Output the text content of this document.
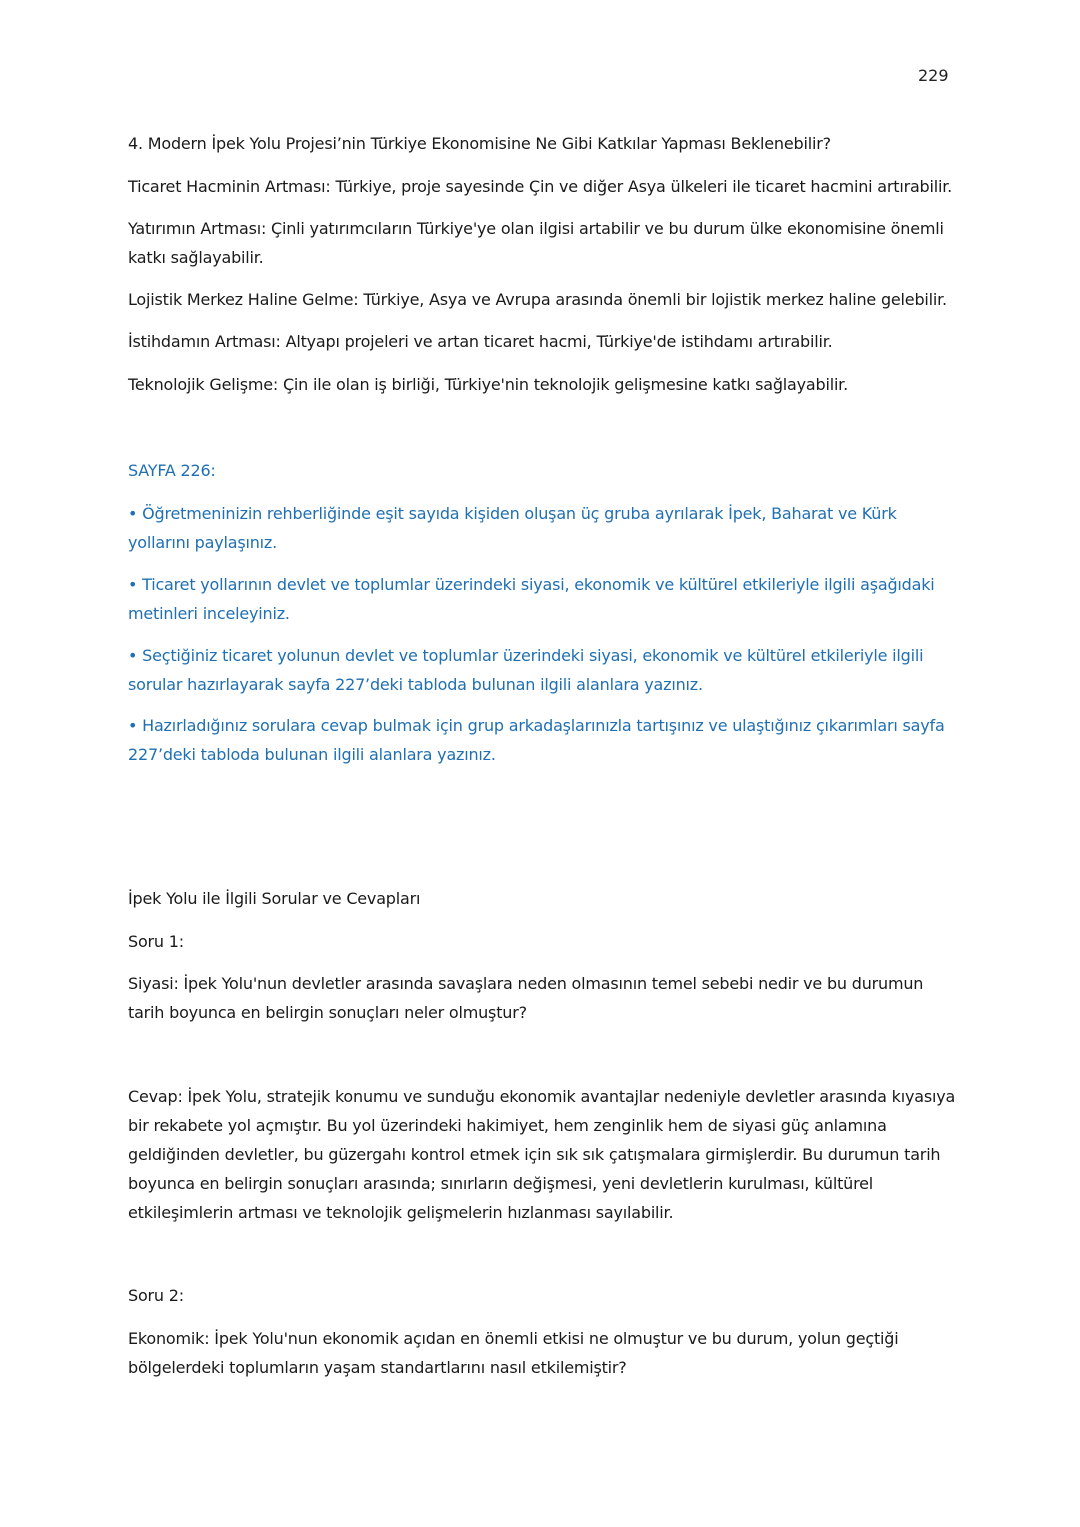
229

4. Modern İpek Yolu Projesi’nin Türkiye Ekonomisine Ne Gibi Katkılar Yapması Beklenebilir?

Ticaret Hacminin Artması: Türkiye, proje sayesinde Çin ve diğer Asya ülkeleri ile ticaret hacmini artırabilir.

Yatırımın Artması: Çinli yatırımcıların Türkiye'ye olan ilgisi artabilir ve bu durum ülke ekonomisine önemli katkı sağlayabilir.

Lojistik Merkez Haline Gelme: Türkiye, Asya ve Avrupa arasında önemli bir lojistik merkez haline gelebilir.

İstihdamın Artması: Altyapı projeleri ve artan ticaret hacmi, Türkiye'de istihdamı artırabilir.

Teknolojik Gelişme: Çin ile olan iş birliği, Türkiye'nin teknolojik gelişmesine katkı sağlayabilir.

SAYFA 226:

• Öğretmeninizin rehberliğinde eşit sayıda kişiden oluşan üç gruba ayrılarak İpek, Baharat ve Kürk yollarını paylaşınız.

• Ticaret yollarının devlet ve toplumlar üzerindeki siyasi, ekonomik ve kültürel etkileriyle ilgili aşağıdaki metinleri inceleyiniz.

• Seçtiğiniz ticaret yolunun devlet ve toplumlar üzerindeki siyasi, ekonomik ve kültürel etkileriyle ilgili sorular hazırlayarak sayfa 227’deki tabloda bulunan ilgili alanlara yazınız.

• Hazırladığınız sorulara cevap bulmak için grup arkadaşlarınızla tartışınız ve ulaştığınız çıkarımları sayfa 227’deki tabloda bulunan ilgili alanlara yazınız.

İpek Yolu ile İlgili Sorular ve Cevapları

Soru 1:

Siyasi: İpek Yolu'nun devletler arasında savaşlara neden olmasının temel sebebi nedir ve bu durumun tarih boyunca en belirgin sonuçları neler olmuştur?

Cevap: İpek Yolu, stratejik konumu ve sunduğu ekonomik avantajlar nedeniyle devletler arasında kıyasıya bir rekabete yol açmıştır. Bu yol üzerindeki hakimiyet, hem zenginlik hem de siyasi güç anlamına geldiğinden devletler, bu güzergahı kontrol etmek için sık sık çatışmalara girmişlerdir. Bu durumun tarih boyunca en belirgin sonuçları arasında; sınırların değişmesi, yeni devletlerin kurulması, kültürel etkileşimlerin artması ve teknolojik gelişmelerin hızlanması sayılabilir.

Soru 2:

Ekonomik: İpek Yolu'nun ekonomik açıdan en önemli etkisi ne olmuştur ve bu durum, yolun geçtiği bölgelerdeki toplumların yaşam standartlarını nasıl etkilemiştir?
